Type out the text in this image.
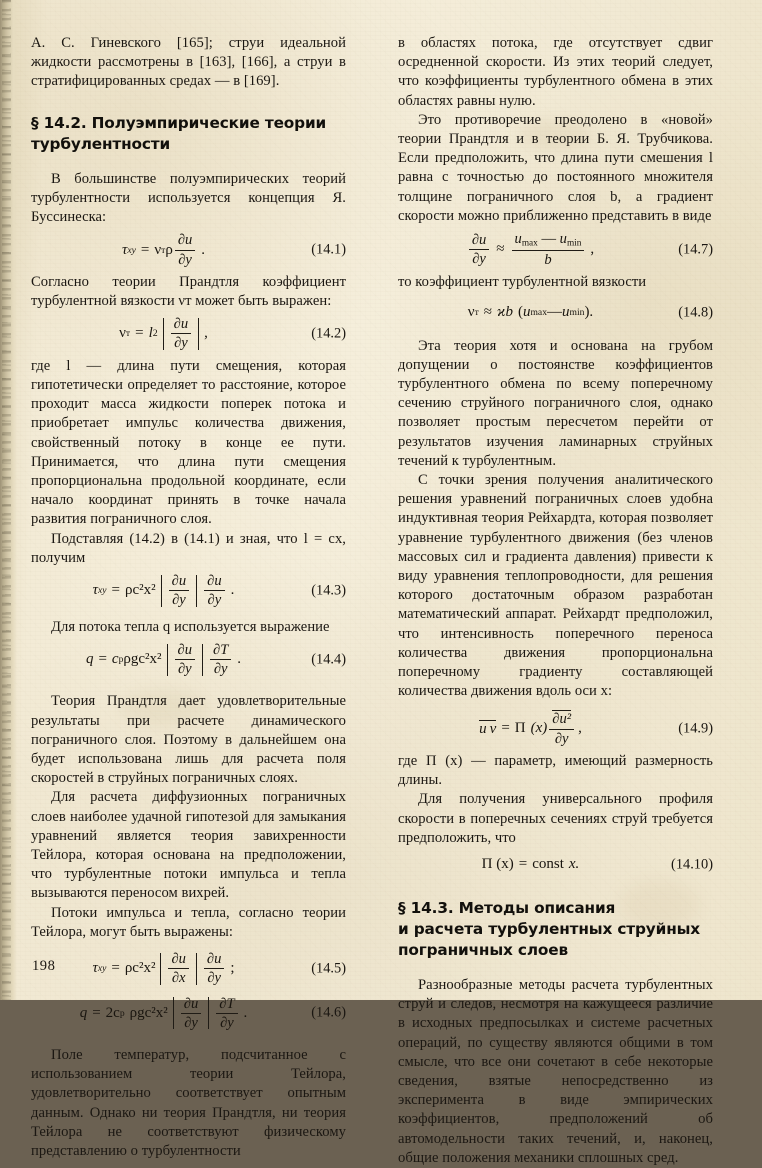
А. С. Гиневского [165]; струи идеальной жидкости рассмотрены в [163], [166], а струи в стратифицированных средах — в [169].

§ 14.2. Полуэмпирические теории
турбулентности

В большинстве полуэмпирических теорий турбулентности используется концепция Я. Буссинеска:

τ xy = ν т ρ $\frac{\partial u}{\partial y}$ .	(14.1)

Согласно теории Прандтля коэффициент турбулентной вязкости νт может быть выражен:

ν т = l $2 \frac{\partial u}{\partial y}$ ,	(14.2)

где l — длина пути смещения, которая гипотетически определяет то расстояние, которое проходит масса жидкости поперек потока и приобретает импульс количества движения, свойственный потоку в конце ее пути. Принимается, что длина пути смещения пропорциональна продольной координате, если начало координат принять в точке начала развития пограничного слоя.

Подставляя (14.2) в (14.1) и зная, что l = cx, получим

τ xy = $\rho c^2x^2 \frac{\partial u}{\partial y} \frac{\partial u}{\partial y}$ .	(14.3)

Для потока тепла q используется выражение

q = c р $\rho gc^2x^2 \frac{\partial u}{\partial y} \frac{\partial T}{\partial y}$ .	(14.4)

Теория Прандтля дает удовлетворительные результаты при расчете динамического пограничного слоя. Поэтому в дальнейшем она будет использована лишь для расчета поля скоростей в струйных пограничных слоях.

Для расчета диффузионных пограничных слоев наиболее удачной гипотезой для замыкания уравнений является теория завихренности Тейлора, которая основана на предположении, что турбулентные потоки импульса и тепла вызываются переносом вихрей.

Потоки импульса и тепла, согласно теории Тейлора, могут быть выражены:

τ xy = $\rho c^2x^2 \frac{\partial u}{\partial x} \frac{\partial u}{\partial y}$ ;	(14.5)
q = 2c р $\rho gc^2x^2 \frac{\partial u}{\partial y} \frac{\partial T}{\partial y}$ .	(14.6)

Поле температур, подсчитанное с использованием теории Тейлора, удовлетворительно соответствует опытным данным. Однако ни теория Прандтля, ни теория Тейлора не соответствуют физическому представлению о турбулентности

в областях потока, где отсутствует сдвиг осредненной скорости. Из этих теорий следует, что коэффициенты турбулентного обмена в этих областях равны нулю.

Это противоречие преодолено в «новой» теории Прандтля и в теории Б. Я. Трубчикова. Если предположить, что длина пути смешения l равна с точностью до постоянного множителя толщине пограничного слоя b, а градиент скорости можно приближенно представить в виде

$\frac{\partial u}{\partial y} \approx \frac{u_{max} — u_{min}}{b}$ ,	(14.7)

то коэффициент турбулентной вязкости

ν т ≈ ϰ b ( u max — u min ).	(14.8)

Эта теория хотя и основана на грубом допущении о постоянстве коэффициентов турбулентного обмена по всему поперечному сечению струйного пограничного слоя, однако позволяет простым пересчетом перейти от результатов изучения ламинарных струйных течений к турбулентным.

С точки зрения получения аналитического решения уравнений пограничных слоев удобна индуктивная теория Рейхардта, которая позволяет уравнение турбулентного движения (без членов массовых сил и градиента давления) привести к виду уравнения теплопроводности, для решения которого достаточным образом разработан математический аппарат. Рейхардт предположил, что интенсивность поперечного переноса количества движения пропорциональна поперечному градиенту составляющей количества движения вдоль оси x:

u v = Π $(x) \frac{\text{∂u²}}{\partial y}$ ,	(14.9)

где П (x) — параметр, имеющий размерность длины.

Для получения универсального профиля скорости в поперечных сечениях струй требуется предположить, что

Π (x) = const x.	(14.10)
§ 14.3. Методы описания
и расчета турбулентных струйных
пограничных слоев

Разнообразные методы расчета турбулентных струй и следов, несмотря на кажущееся различие в исходных предпосылках и системе расчетных операций, по существу являются общими в том смысле, что все они сочетают в себе некоторые сведения, взятые непосредственно из эксперимента в виде эмпирических коэффициентов, предположений об автомодельности таких течений, и, наконец, общие положения механики сплошных сред.

198
